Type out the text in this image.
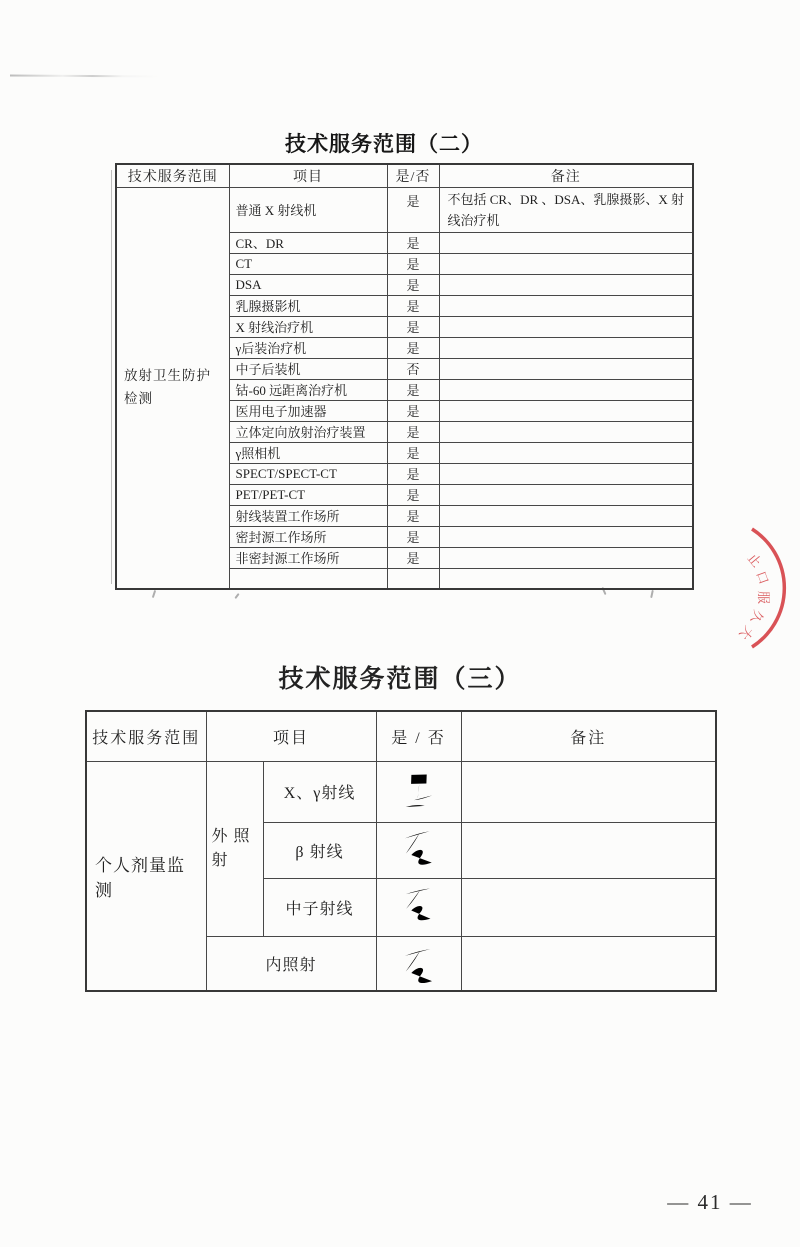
技术服务范围（二）
技术服务范围	项目	是/否	备注
放射卫生防护检测	普通 X 射线机	是	不包括 CR、DR 、DSA、乳腺摄影、X 射线治疗机
	CR、DR	是	
	CT	是	
	DSA	是	
	乳腺摄影机	是	
	X 射线治疗机	是	
	γ后装治疗机	是	
	中子后装机	否	
	钴-60 远距离治疗机	是	
	医用电子加速器	是	
	立体定向放射治疗装置	是	
	γ照相机	是	
	SPECT/SPECT-CT	是	
	PET/PET-CT	是	
	射线装置工作场所	是	
	密封源工作场所	是	
	非密封源工作场所	是	

技术服务范围（三）
技术服务范围	项目		是 / 否	备注
个人剂量监测	外 照射	X、γ射线	

		β 射线	

		中子射线	

	内照射	

止
口
服
久
大
— 41 —
